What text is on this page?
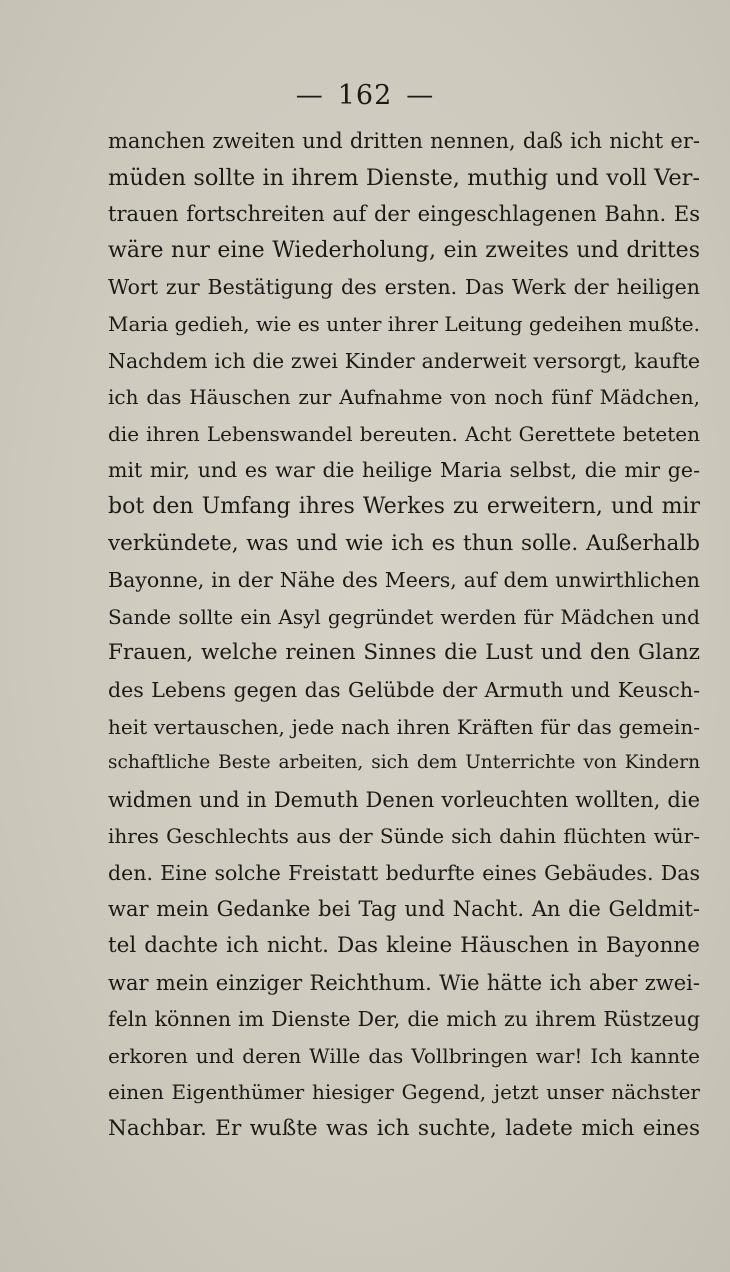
— 162 —
manchen zweiten und dritten nennen, daß ich nicht er-
müden sollte in ihrem Dienste, muthig und voll Ver-
trauen fortschreiten auf der eingeschlagenen Bahn. Es
wäre nur eine Wiederholung, ein zweites und drittes
Wort zur Bestätigung des ersten. Das Werk der heiligen
Maria gedieh, wie es unter ihrer Leitung gedeihen mußte.
Nachdem ich die zwei Kinder anderweit versorgt, kaufte
ich das Häuschen zur Aufnahme von noch fünf Mädchen,
die ihren Lebenswandel bereuten. Acht Gerettete beteten
mit mir, und es war die heilige Maria selbst, die mir ge-
bot den Umfang ihres Werkes zu erweitern, und mir
verkündete, was und wie ich es thun solle. Außerhalb
Bayonne, in der Nähe des Meers, auf dem unwirthlichen
Sande sollte ein Asyl gegründet werden für Mädchen und
Frauen, welche reinen Sinnes die Lust und den Glanz
des Lebens gegen das Gelübde der Armuth und Keusch-
heit vertauschen, jede nach ihren Kräften für das gemein-
schaftliche Beste arbeiten, sich dem Unterrichte von Kindern
widmen und in Demuth Denen vorleuchten wollten, die
ihres Geschlechts aus der Sünde sich dahin flüchten wür-
den. Eine solche Freistatt bedurfte eines Gebäudes. Das
war mein Gedanke bei Tag und Nacht. An die Geldmit-
tel dachte ich nicht. Das kleine Häuschen in Bayonne
war mein einziger Reichthum. Wie hätte ich aber zwei-
feln können im Dienste Der, die mich zu ihrem Rüstzeug
erkoren und deren Wille das Vollbringen war! Ich kannte
einen Eigenthümer hiesiger Gegend, jetzt unser nächster
Nachbar. Er wußte was ich suchte, ladete mich eines
